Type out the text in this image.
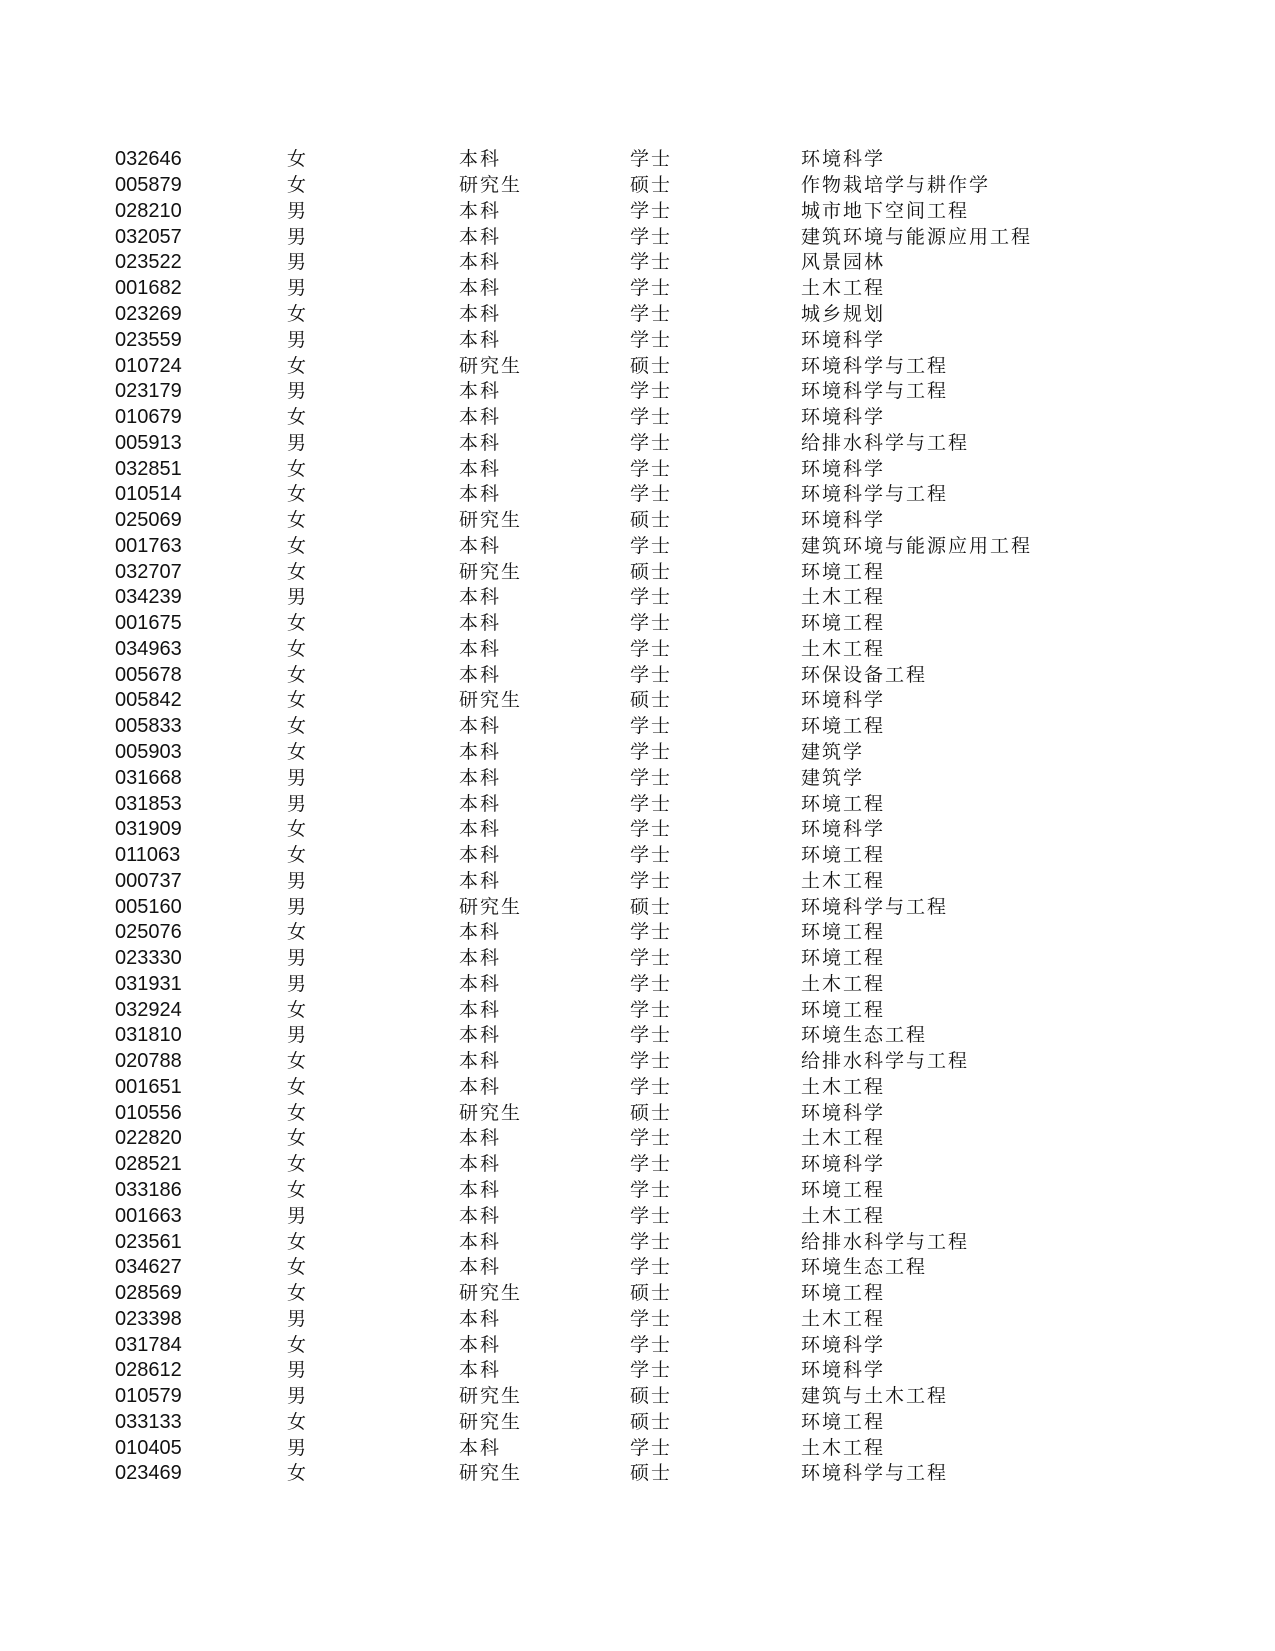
032646	女	本科	学士	环境科学
005879	女	研究生	硕士	作物栽培学与耕作学
028210	男	本科	学士	城市地下空间工程
032057	男	本科	学士	建筑环境与能源应用工程
023522	男	本科	学士	风景园林
001682	男	本科	学士	土木工程
023269	女	本科	学士	城乡规划
023559	男	本科	学士	环境科学
010724	女	研究生	硕士	环境科学与工程
023179	男	本科	学士	环境科学与工程
010679	女	本科	学士	环境科学
005913	男	本科	学士	给排水科学与工程
032851	女	本科	学士	环境科学
010514	女	本科	学士	环境科学与工程
025069	女	研究生	硕士	环境科学
001763	女	本科	学士	建筑环境与能源应用工程
032707	女	研究生	硕士	环境工程
034239	男	本科	学士	土木工程
001675	女	本科	学士	环境工程
034963	女	本科	学士	土木工程
005678	女	本科	学士	环保设备工程
005842	女	研究生	硕士	环境科学
005833	女	本科	学士	环境工程
005903	女	本科	学士	建筑学
031668	男	本科	学士	建筑学
031853	男	本科	学士	环境工程
031909	女	本科	学士	环境科学
011063	女	本科	学士	环境工程
000737	男	本科	学士	土木工程
005160	男	研究生	硕士	环境科学与工程
025076	女	本科	学士	环境工程
023330	男	本科	学士	环境工程
031931	男	本科	学士	土木工程
032924	女	本科	学士	环境工程
031810	男	本科	学士	环境生态工程
020788	女	本科	学士	给排水科学与工程
001651	女	本科	学士	土木工程
010556	女	研究生	硕士	环境科学
022820	女	本科	学士	土木工程
028521	女	本科	学士	环境科学
033186	女	本科	学士	环境工程
001663	男	本科	学士	土木工程
023561	女	本科	学士	给排水科学与工程
034627	女	本科	学士	环境生态工程
028569	女	研究生	硕士	环境工程
023398	男	本科	学士	土木工程
031784	女	本科	学士	环境科学
028612	男	本科	学士	环境科学
010579	男	研究生	硕士	建筑与土木工程
033133	女	研究生	硕士	环境工程
010405	男	本科	学士	土木工程
023469	女	研究生	硕士	环境科学与工程
